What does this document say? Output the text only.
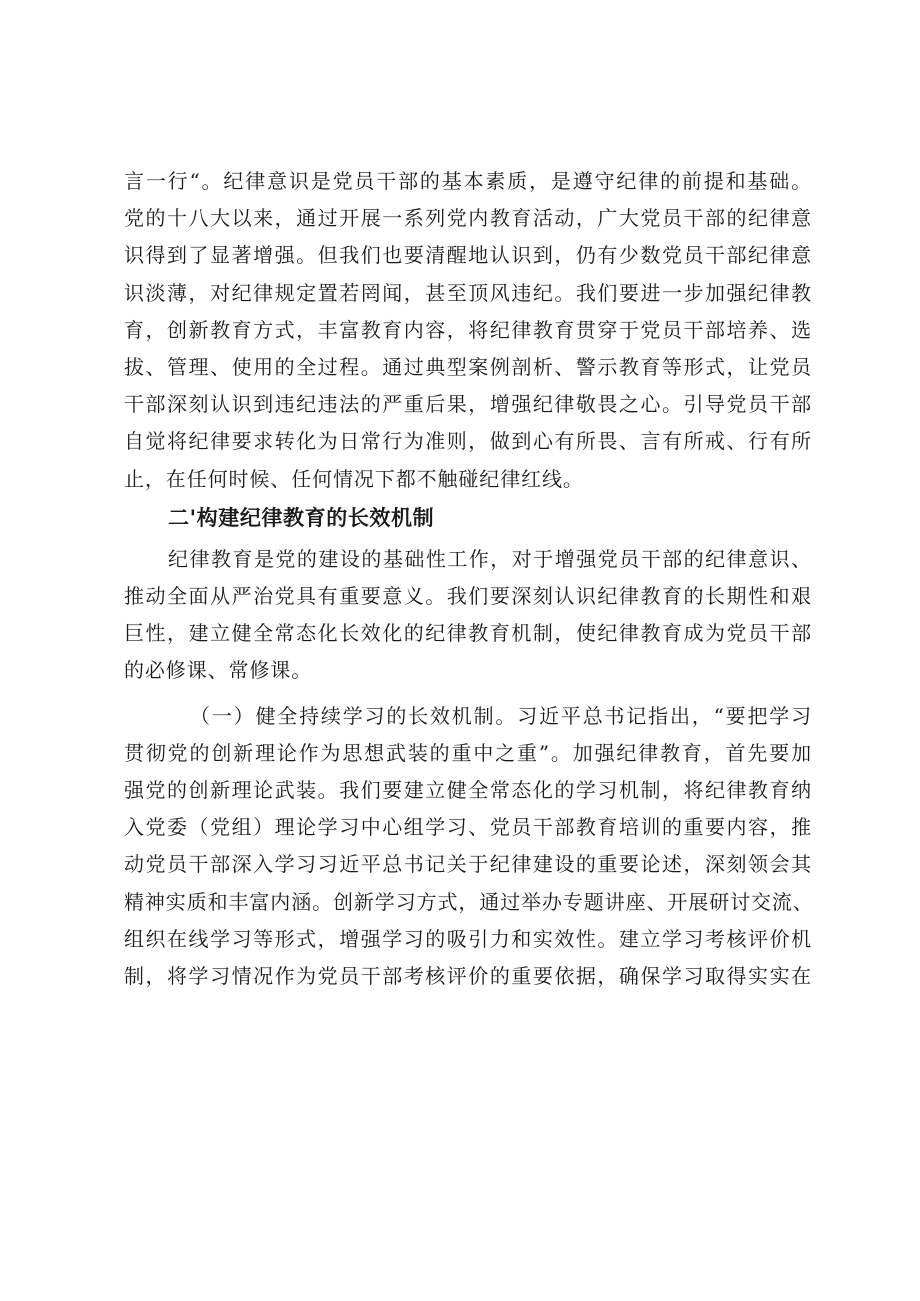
言一行“。纪律意识是党员干部的基本素质，是遵守纪律的前提和基础。
党的十八大以来，通过开展一系列党内教育活动，广大党员干部的纪律意
识得到了显著增强。但我们也要清醒地认识到，仍有少数党员干部纪律意
识淡薄，对纪律规定置若罔闻，甚至顶风违纪。我们要进一步加强纪律教
育，创新教育方式，丰富教育内容，将纪律教育贯穿于党员干部培养、选
拔、管理、使用的全过程。通过典型案例剖析、警示教育等形式，让党员
干部深刻认识到违纪违法的严重后果，增强纪律敬畏之心。引导党员干部
自觉将纪律要求转化为日常行为准则，做到心有所畏、言有所戒、行有所
止，在任何时候、任何情况下都不触碰纪律红线。

二'构建纪律教育的长效机制

纪律教育是党的建设的基础性工作，对于增强党员干部的纪律意识、
推动全面从严治党具有重要意义。我们要深刻认识纪律教育的长期性和艰
巨性，建立健全常态化长效化的纪律教育机制，使纪律教育成为党员干部
的必修课、常修课。

（一）健全持续学习的长效机制。习近平总书记指出，“要把学习
贯彻党的创新理论作为思想武装的重中之重”。加强纪律教育，首先要加
强党的创新理论武装。我们要建立健全常态化的学习机制，将纪律教育纳
入党委（党组）理论学习中心组学习、党员干部教育培训的重要内容，推
动党员干部深入学习习近平总书记关于纪律建设的重要论述，深刻领会其
精神实质和丰富内涵。创新学习方式，通过举办专题讲座、开展研讨交流、
组织在线学习等形式，增强学习的吸引力和实效性。建立学习考核评价机
制，将学习情况作为党员干部考核评价的重要依据，确保学习取得实实在
